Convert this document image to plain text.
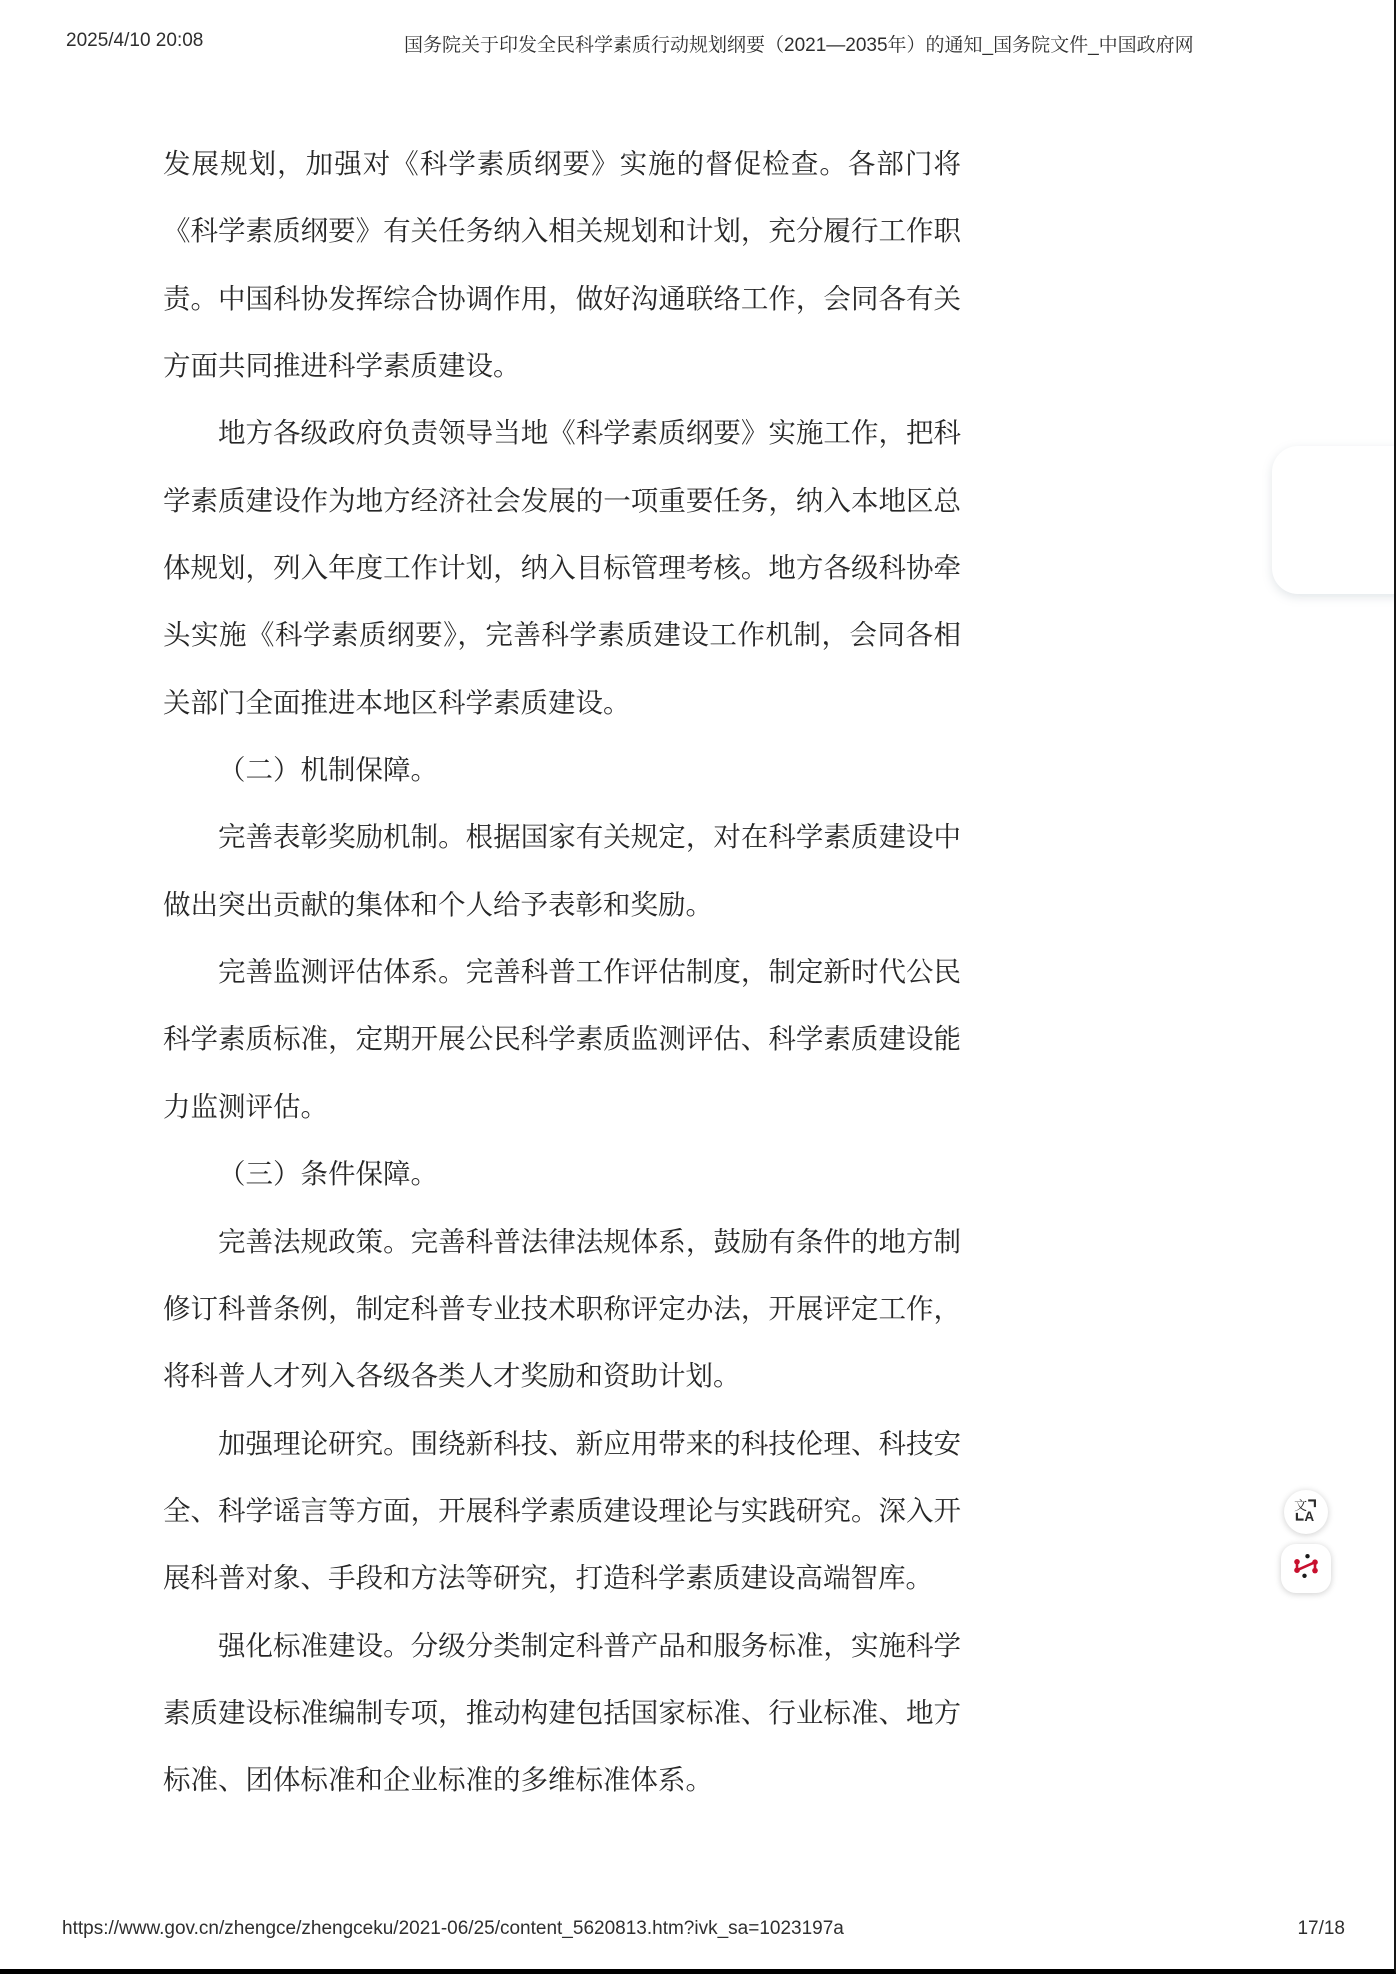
2025/4/10 20:08	国务院关于印发全民科学素质行动规划纲要（2021—2035年）的通知_国务院文件_中国政府网
发展规划，加强对《科学素质纲要》实施的督促检查。各部门将
《科学素质纲要》有关任务纳入相关规划和计划，充分履行工作职
责。中国科协发挥综合协调作用，做好沟通联络工作，会同各有关
方面共同推进科学素质建设。
地方各级政府负责领导当地《科学素质纲要》实施工作，把科
学素质建设作为地方经济社会发展的一项重要任务，纳入本地区总
体规划，列入年度工作计划，纳入目标管理考核。地方各级科协牵
头实施《科学素质纲要》，完善科学素质建设工作机制，会同各相
关部门全面推进本地区科学素质建设。
（二）机制保障。
完善表彰奖励机制。根据国家有关规定，对在科学素质建设中
做出突出贡献的集体和个人给予表彰和奖励。
完善监测评估体系。完善科普工作评估制度，制定新时代公民
科学素质标准，定期开展公民科学素质监测评估、科学素质建设能
力监测评估。
（三）条件保障。
完善法规政策。完善科普法律法规体系，鼓励有条件的地方制
修订科普条例，制定科普专业技术职称评定办法，开展评定工作，
将科普人才列入各级各类人才奖励和资助计划。
加强理论研究。围绕新科技、新应用带来的科技伦理、科技安
全、科学谣言等方面，开展科学素质建设理论与实践研究。深入开
展科普对象、手段和方法等研究，打造科学素质建设高端智库。
强化标准建设。分级分类制定科普产品和服务标准，实施科学
素质建设标准编制专项，推动构建包括国家标准、行业标准、地方
标准、团体标准和企业标准的多维标准体系。
文
A
https://www.gov.cn/zhengce/zhengceku/2021-06/25/content_5620813.htm?ivk_sa=1023197a	17/18
